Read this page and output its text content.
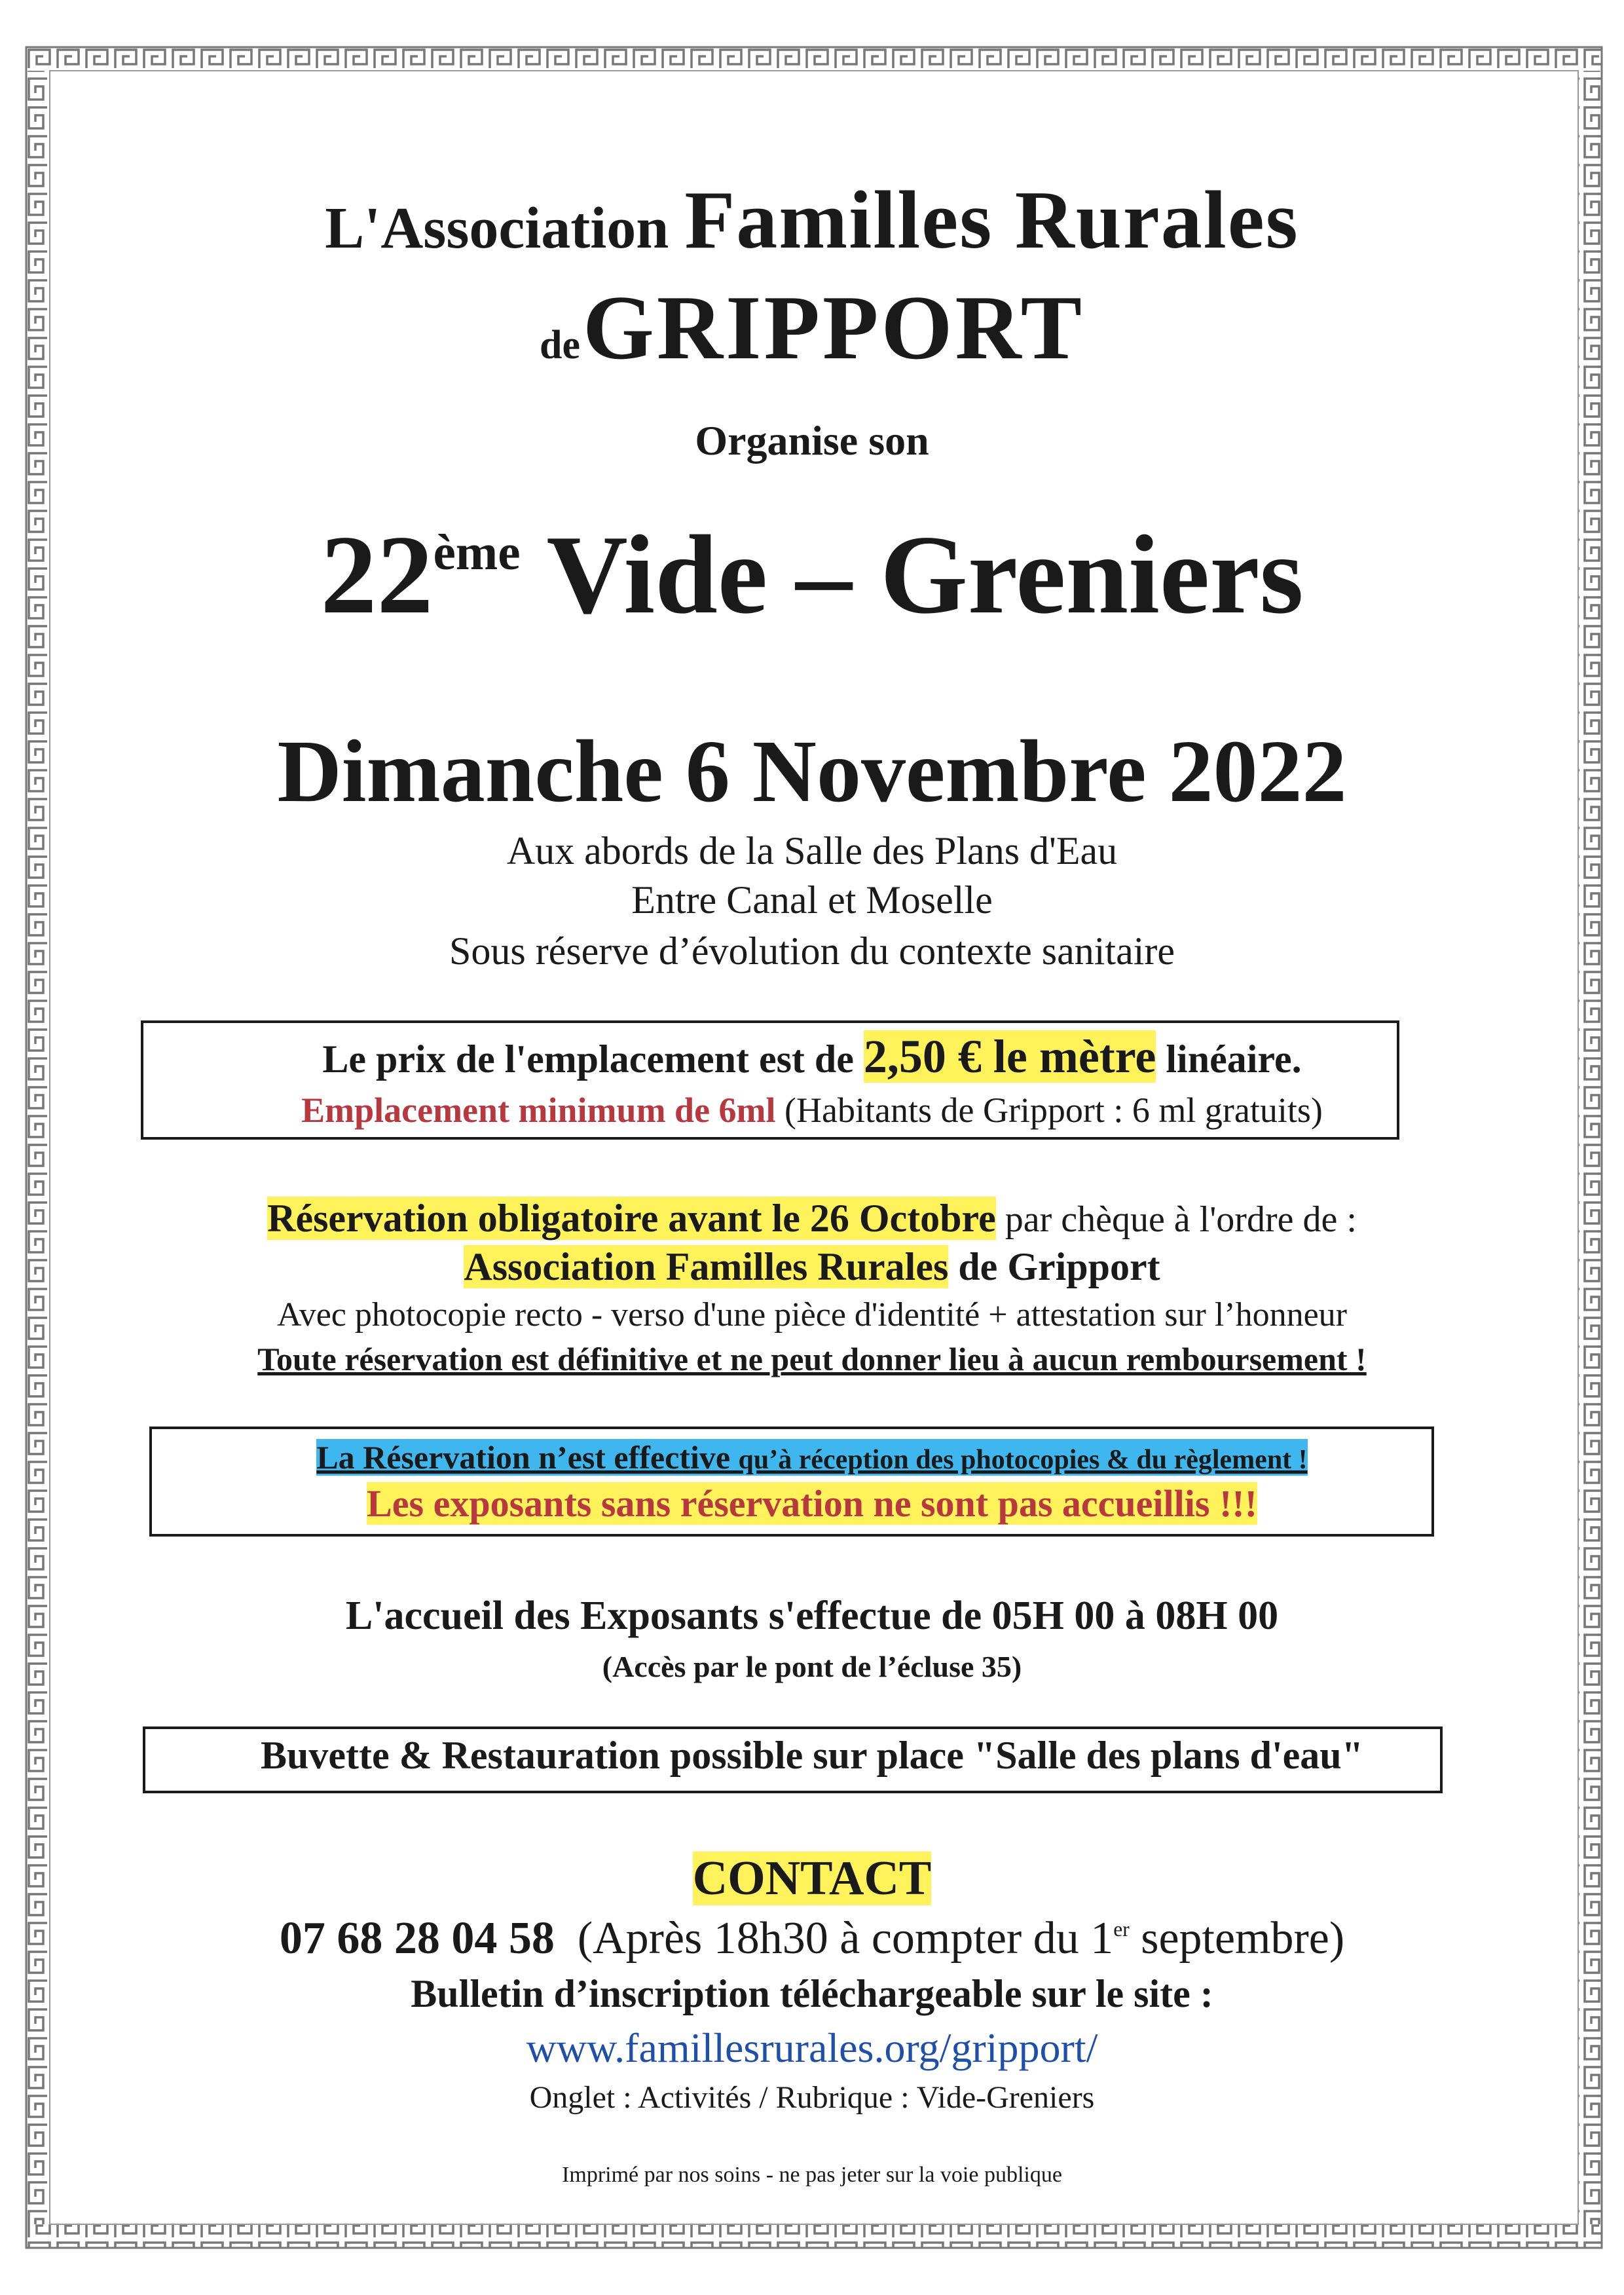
L'Association Familles Rurales

de GRIPPORT

Organise son

22ème Vide – Greniers

Dimanche 6 Novembre 2022

Aux abords de la Salle des Plans d'Eau

Entre Canal et Moselle

Sous réserve d’évolution du contexte sanitaire

Le prix de l'emplacement est de 2,50 € le mètre linéaire.

Emplacement minimum de 6ml (Habitants de Gripport : 6 ml gratuits)

Réservation obligatoire avant le 26 Octobre par chèque à l'ordre de :

Association Familles Rurales de Gripport

Avec photocopie recto - verso d'une pièce d'identité + attestation sur l’honneur

Toute réservation est définitive et ne peut donner lieu à aucun remboursement !

La Réservation n’est effective qu’à réception des photocopies & du règlement !

Les exposants sans réservation ne sont pas accueillis !!!

L'accueil des Exposants s'effectue de 05H 00 à 08H 00

(Accès par le pont de l’écluse 35)

Buvette & Restauration possible sur place "Salle des plans d'eau"

CONTACT

07 68 28 04 58 (Après 18h30 à compter du 1er septembre)

Bulletin d’inscription téléchargeable sur le site :

www.famillesrurales.org/gripport/

Onglet : Activités / Rubrique : Vide-Greniers

Imprimé par nos soins - ne pas jeter sur la voie publique
